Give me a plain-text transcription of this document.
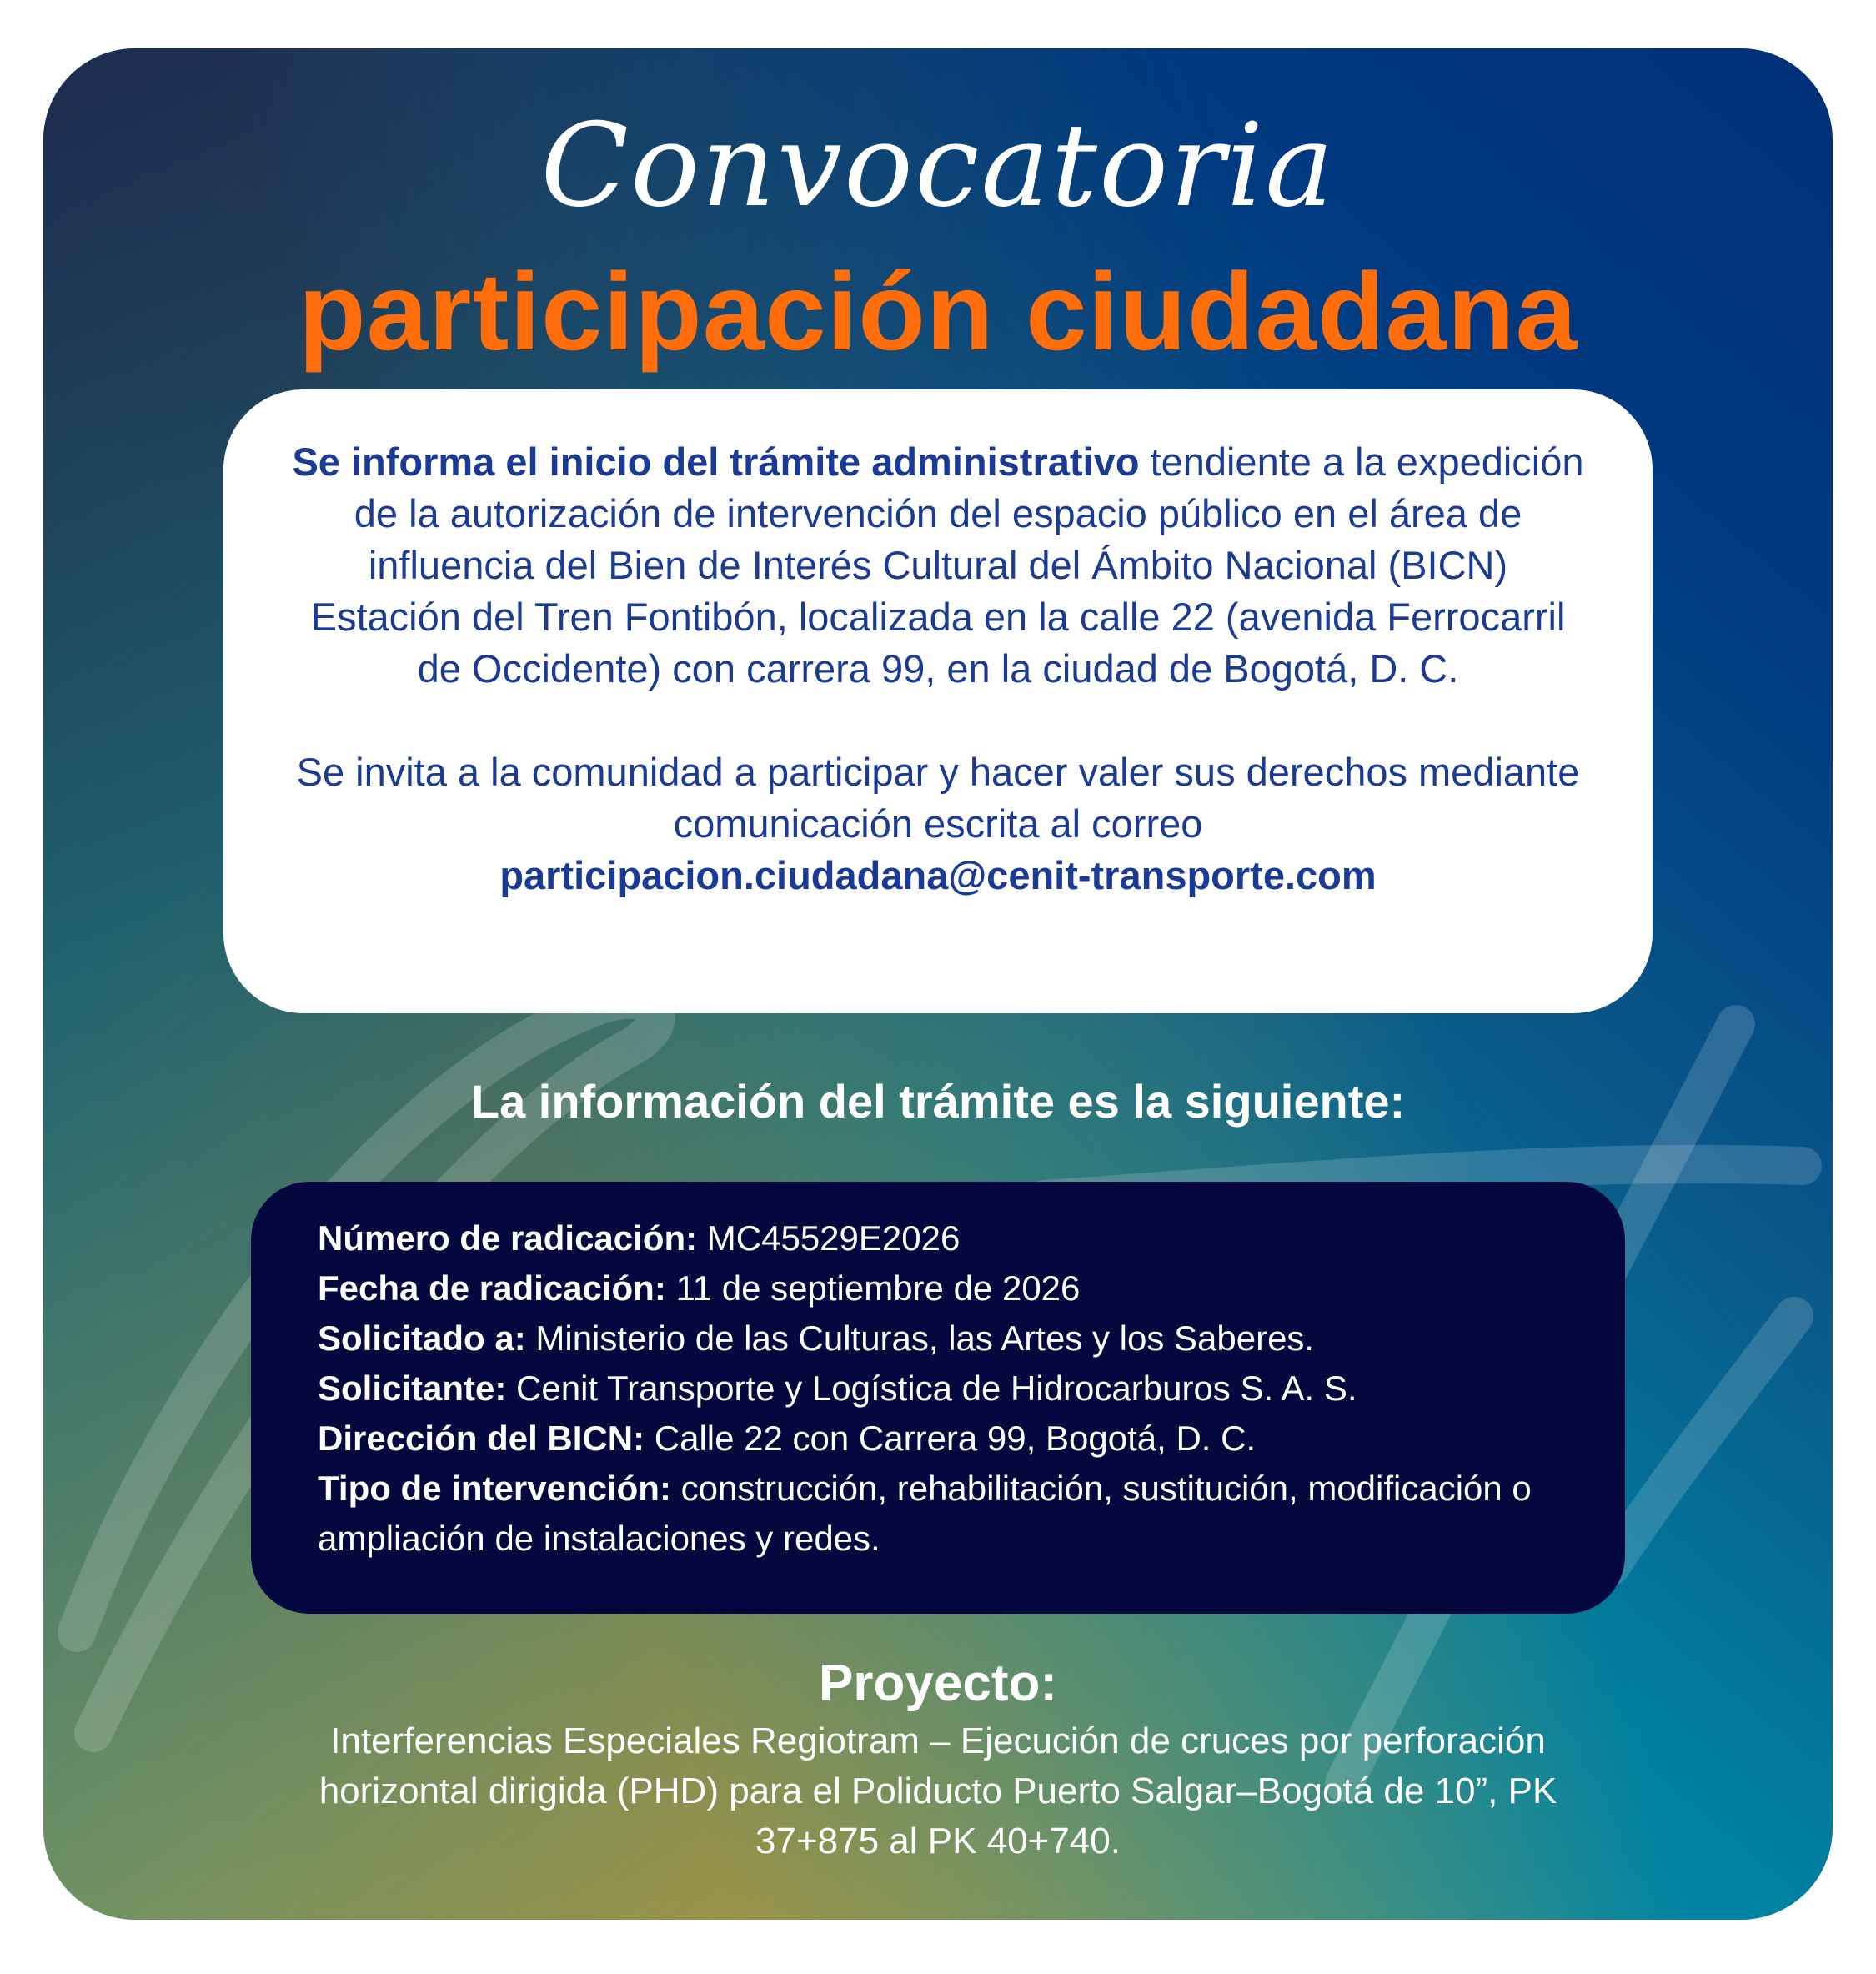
Convocatoria
participación ciudadana
Se informa el inicio del trámite administrativo tendiente a la expedición de la autorización de intervención del espacio público en el área de influencia del Bien de Interés Cultural del Ámbito Nacional (BICN) Estación del Tren Fontibón, localizada en la calle 22 (avenida Ferrocarril de Occidente) con carrera 99, en la ciudad de Bogotá, D. C.
Se invita a la comunidad a participar y hacer valer sus derechos mediante comunicación escrita al correo
participacion.ciudadana@cenit-transporte.com
La información del trámite es la siguiente:
Número de radicación: MC45529E2026
Fecha de radicación: 11 de septiembre de 2026
Solicitado a: Ministerio de las Culturas, las Artes y los Saberes.
Solicitante: Cenit Transporte y Logística de Hidrocarburos S. A. S.
Dirección del BICN: Calle 22 con Carrera 99, Bogotá, D. C.
Tipo de intervención: construcción, rehabilitación, sustitución, modificación o ampliación de instalaciones y redes.
Proyecto:
Interferencias Especiales Regiotram – Ejecución de cruces por perforación horizontal dirigida (PHD) para el Poliducto Puerto Salgar–Bogotá de 10”, PK 37+875 al PK 40+740.
